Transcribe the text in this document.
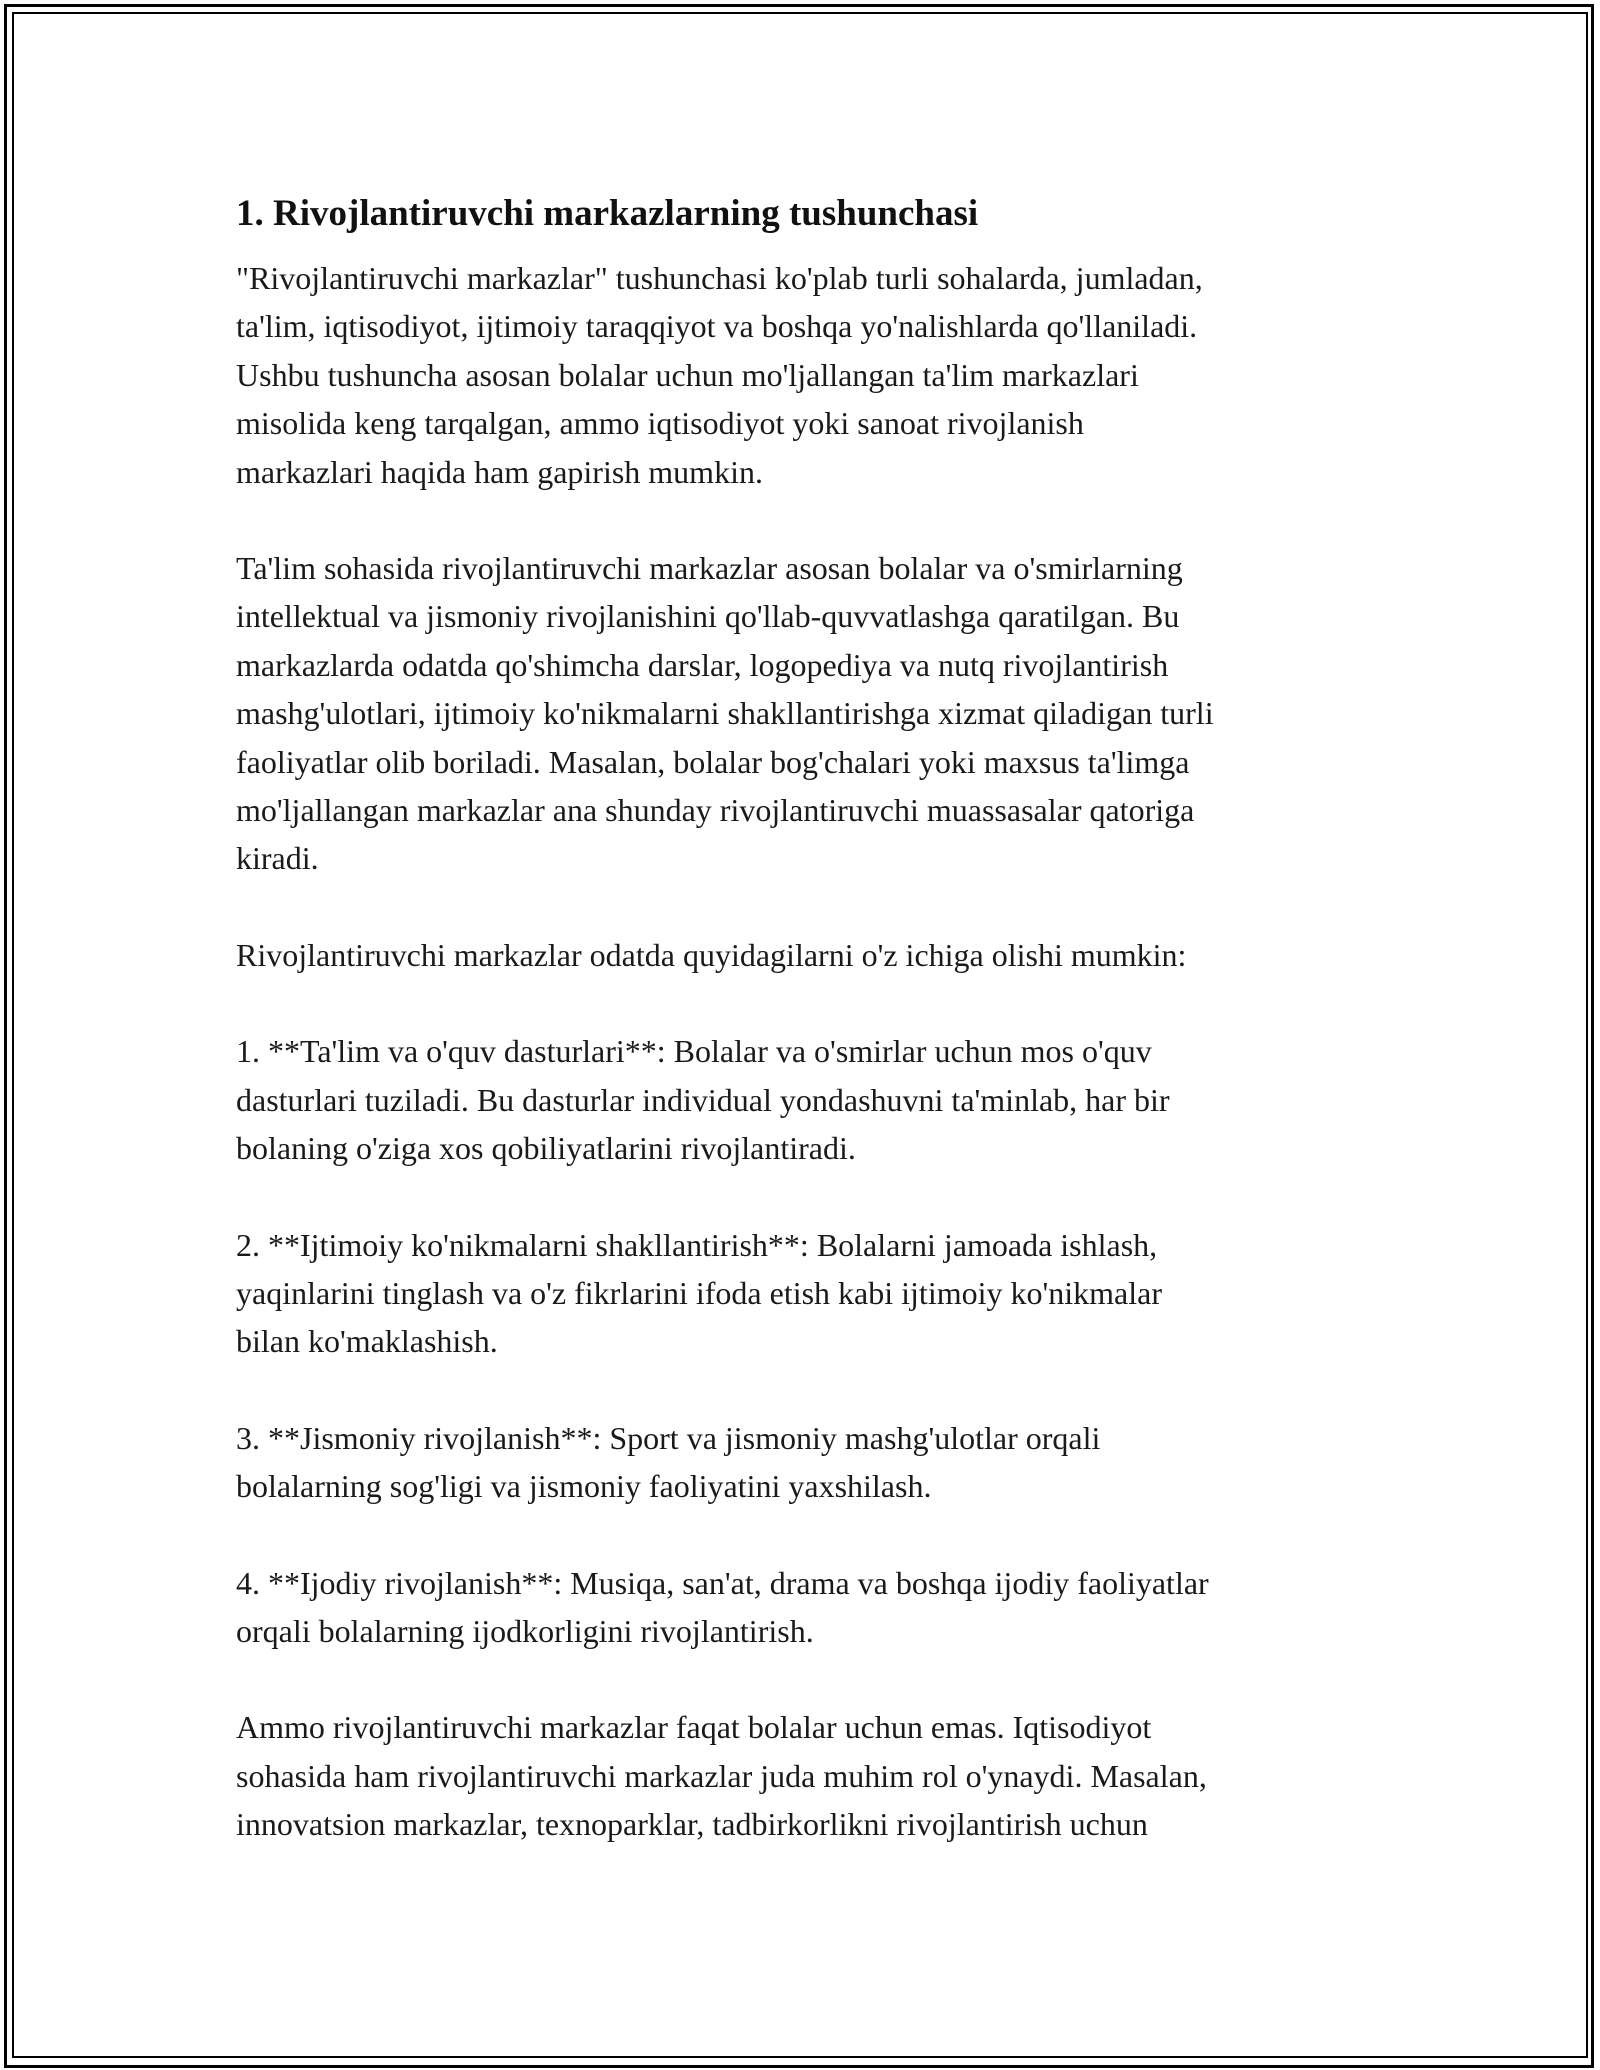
1. Rivojlantiruvchi markazlarning tushunchasi

"Rivojlantiruvchi markazlar" tushunchasi ko'plab turli sohalarda, jumladan,
ta'lim, iqtisodiyot, ijtimoiy taraqqiyot va boshqa yo'nalishlarda qo'llaniladi.
Ushbu tushuncha asosan bolalar uchun mo'ljallangan ta'lim markazlari
misolida keng tarqalgan, ammo iqtisodiyot yoki sanoat rivojlanish
markazlari haqida ham gapirish mumkin.

Ta'lim sohasida rivojlantiruvchi markazlar asosan bolalar va o'smirlarning
intellektual va jismoniy rivojlanishini qo'llab-quvvatlashga qaratilgan. Bu
markazlarda odatda qo'shimcha darslar, logopediya va nutq rivojlantirish
mashg'ulotlari, ijtimoiy ko'nikmalarni shakllantirishga xizmat qiladigan turli
faoliyatlar olib boriladi. Masalan, bolalar bog'chalari yoki maxsus ta'limga
mo'ljallangan markazlar ana shunday rivojlantiruvchi muassasalar qatoriga
kiradi.

Rivojlantiruvchi markazlar odatda quyidagilarni o'z ichiga olishi mumkin:

1. **Ta'lim va o'quv dasturlari**: Bolalar va o'smirlar uchun mos o'quv
dasturlari tuziladi. Bu dasturlar individual yondashuvni ta'minlab, har bir
bolaning o'ziga xos qobiliyatlarini rivojlantiradi.

2. **Ijtimoiy ko'nikmalarni shakllantirish**: Bolalarni jamoada ishlash,
yaqinlarini tinglash va o'z fikrlarini ifoda etish kabi ijtimoiy ko'nikmalar
bilan ko'maklashish.

3. **Jismoniy rivojlanish**: Sport va jismoniy mashg'ulotlar orqali
bolalarning sog'ligi va jismoniy faoliyatini yaxshilash.

4. **Ijodiy rivojlanish**: Musiqa, san'at, drama va boshqa ijodiy faoliyatlar
orqali bolalarning ijodkorligini rivojlantirish.

Ammo rivojlantiruvchi markazlar faqat bolalar uchun emas. Iqtisodiyot
sohasida ham rivojlantiruvchi markazlar juda muhim rol o'ynaydi. Masalan,
innovatsion markazlar, texnoparklar, tadbirkorlikni rivojlantirish uchun
